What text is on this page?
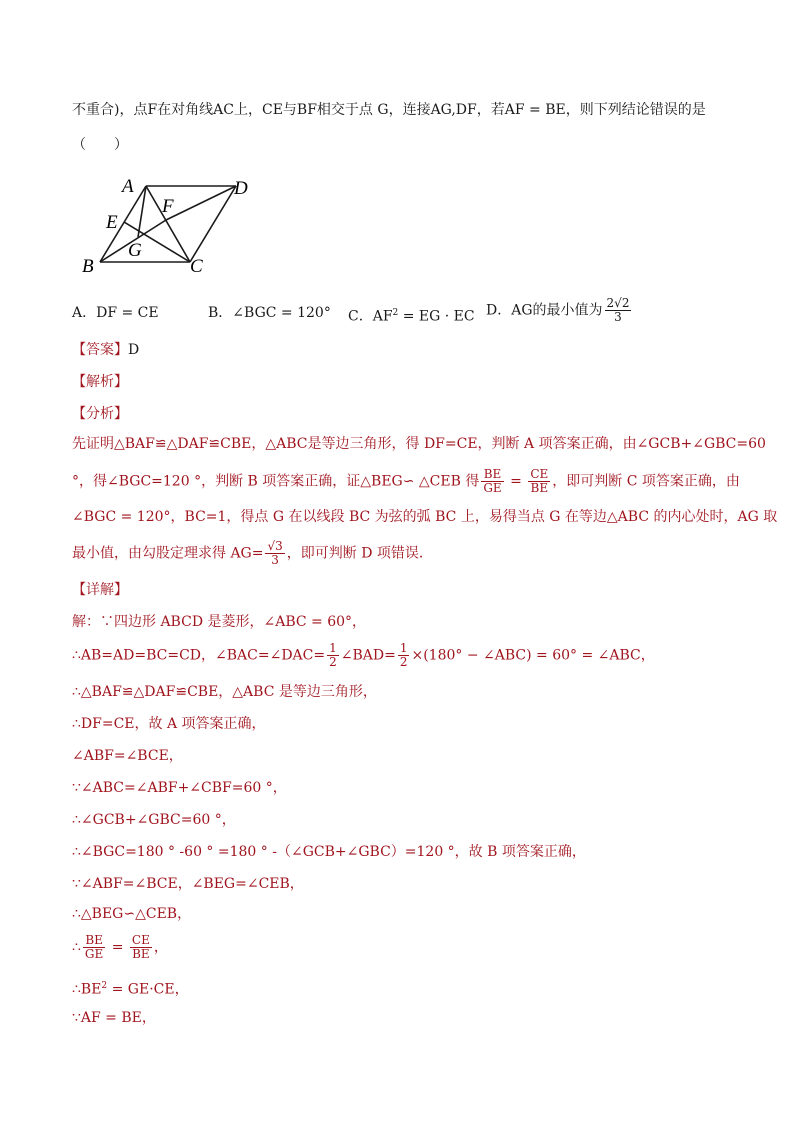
不重合)，点F在对角线AC上，CE与BF相交于点 G，连接AG,DF，若AF = BE，则下列结论错误的是
（　　）
A	D
E
F
G
B	C
A．DF = CE	B．∠BGC = 120° C．$AF^2$ = EG · EC D．AG的最小值为 $\frac{2√2}{3}$
【答案】D
【解析】
【分析】
先证明△BAF≌△DAF≌CBE，△ABC是等边三角形，得 DF=CE，判断 A 项答案正确，由∠GCB+∠GBC=60
°，得∠BGC=120 °，判断 B 项答案正确，证△BEG∽ △CEB 得 $\frac{BE}{GE} = \frac{CE}{BE}$ ，即可判断 C 项答案正确，由
∠BGC = 120°，BC=1，得点 G 在以线段 BC 为弦的弧 BC 上，易得当点 G 在等边△ABC 的内心处时，AG 取
最小值，由勾股定理求得 $AG= \frac{√3}{3}$ ，即可判断 D 项错误．
【详解】
解：∵四边形 ABCD 是菱形，∠ABC = 60°，
∴AB=AD=BC=CD，∠BAC=∠DAC= $\frac{1}{2}$ ∠BAD= $\frac{1}{2} \times(180^\circ$ − ∠ABC) = 60° = ∠ABC，
∴△BAF≌△DAF≌CBE，△ABC 是等边三角形，
∴DF=CE，故 A 项答案正确，
∠ABF=∠BCE，
∵∠ABC=∠ABF+∠CBF=60 °，
∴∠GCB+∠GBC=60 °，
∴∠BGC=180 ° -60 ° =180 ° -（∠GCB+∠GBC）=120 °，故 B 项答案正确，
∵∠ABF=∠BCE，∠BEG=∠CEB，
∴△BEG∽△CEB，
∴ $\frac{BE}{GE} = \frac{CE}{BE}$ ，
$\therefore BE^2 = GE\cdot CE$，
∵AF = BE，
